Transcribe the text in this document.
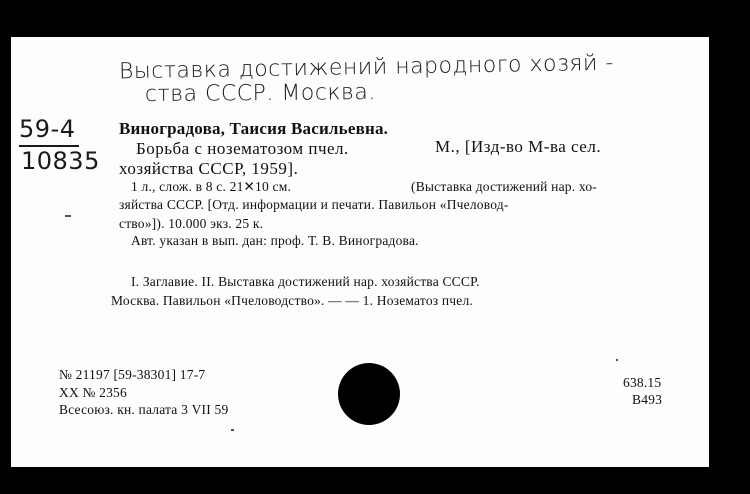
Выставка достижений народного хозяй -
ства СССР. Москва.
59-4
10835
Виноградова, Таисия Васильевна.
Борьба с нозематозом пчел.	М., [Изд-во М-ва сел.
хозяйства СССР, 1959].
1 л., слож. в 8 с. 21✕10 см.	(Выставка достижений нар. хо-
зяйства СССР. [Отд. информации и печати. Павильон «Пчеловод-
ство»]). 10.000 экз. 25 к.
Авт. указан в вып. дан: проф. Т. В. Виноградова.
I. Заглавие. II. Выставка достижений нар. хозяйства СССР.
Москва. Павильон «Пчеловодство». — — 1. Нозематоз пчел.
№ 21197 [59-38301] 17-7
XX № 2356
Всесоюз. кн. палата 3 VII 59
638.15
В493
